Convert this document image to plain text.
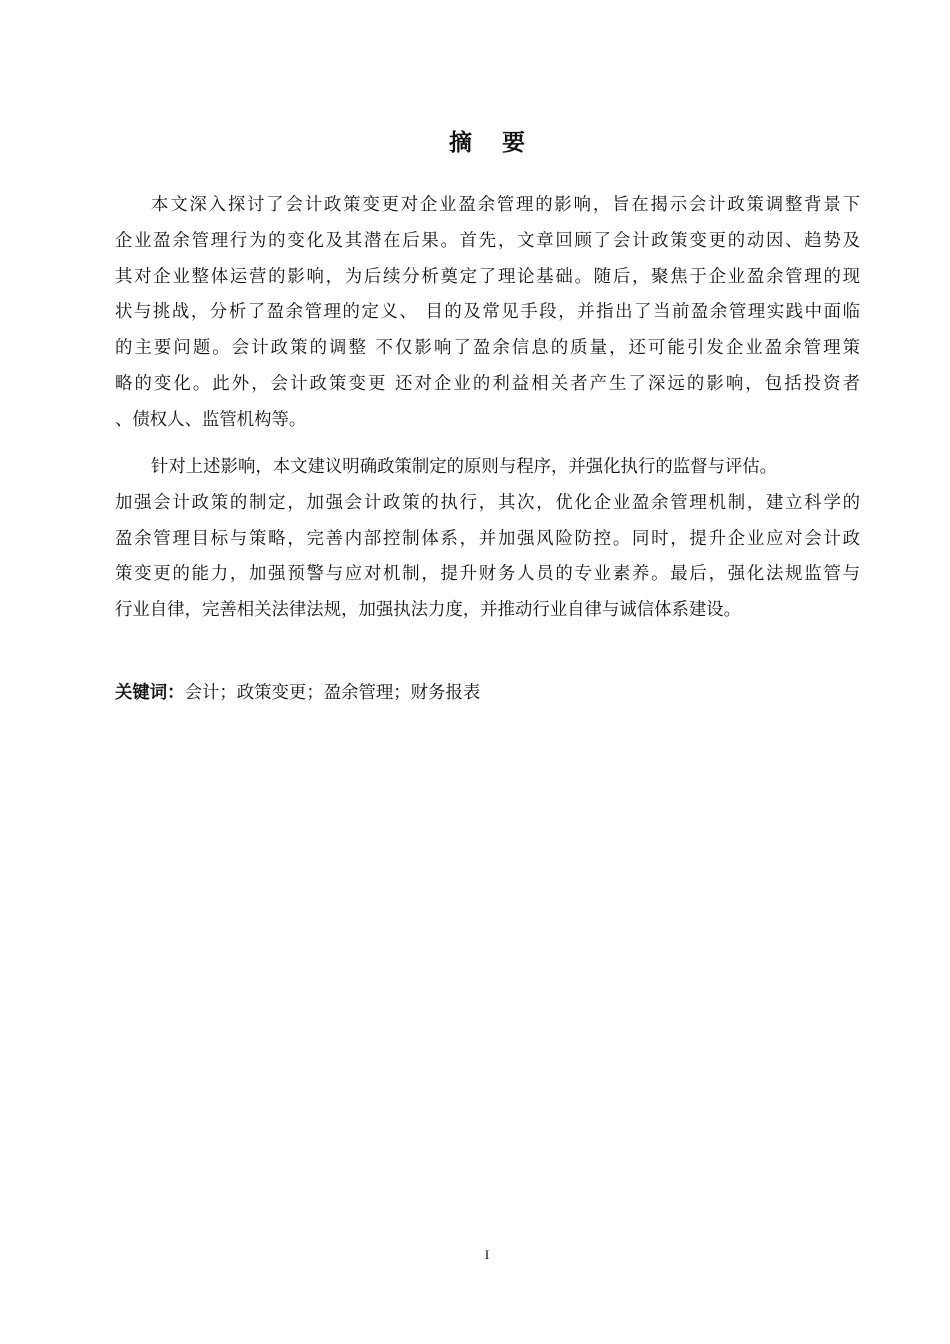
摘 要
本文深入探讨了会计政策变更对企业盈余管理的影响，旨在揭示会计政策调整背景下
企业盈余管理行为的变化及其潜在后果。首先，文章回顾了会计政策变更的动因、趋势及
其对企业整体运营的影响，为后续分析奠定了理论基础。随后，聚焦于企业盈余管理的现
状与挑战，分析了盈余管理的定义、 目的及常见手段，并指出了当前盈余管理实践中面临
的主要问题。会计政策的调整 不仅影响了盈余信息的质量，还可能引发企业盈余管理策
略的变化。此外，会计政策变更 还对企业的利益相关者产生了深远的影响，包括投资者
、债权人、监管机构等。
针对上述影响，本文建议明确政策制定的原则与程序，并强化执行的监督与评估。
加强会计政策的制定，加强会计政策的执行，其次，优化企业盈余管理机制，建立科学的
盈余管理目标与策略，完善内部控制体系，并加强风险防控。同时，提升企业应对会计政
策变更的能力，加强预警与应对机制，提升财务人员的专业素养。最后，强化法规监管与
行业自律，完善相关法律法规，加强执法力度，并推动行业自律与诚信体系建设。
关键词：会计；政策变更；盈余管理；财务报表
I
